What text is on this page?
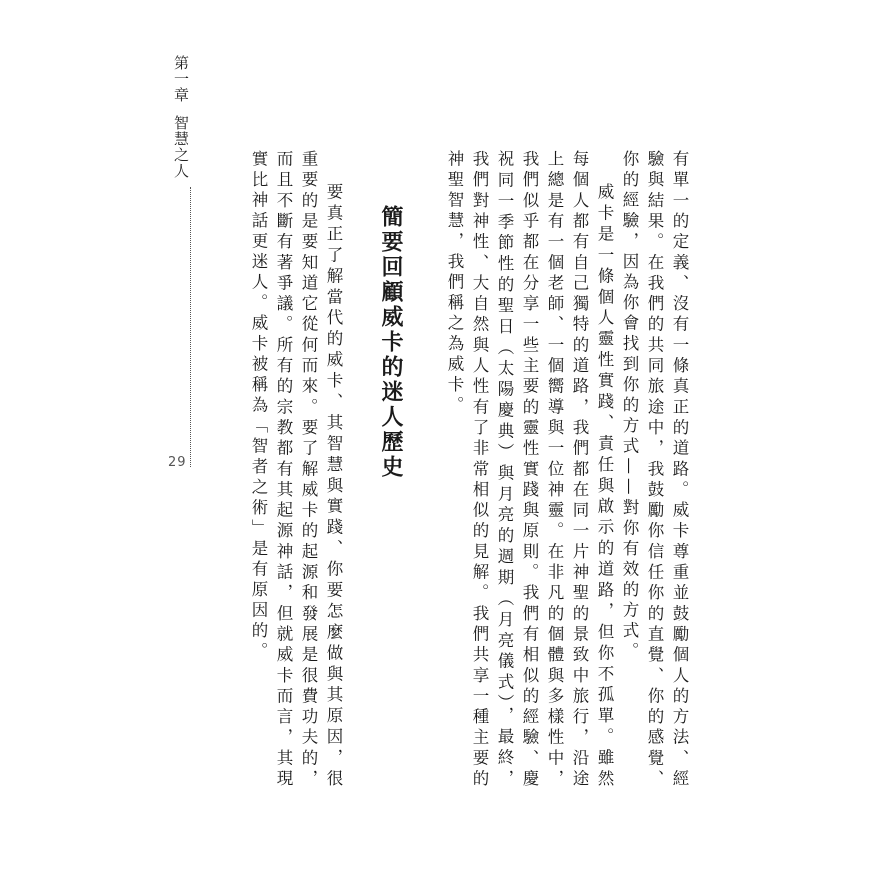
第一章智慧之人
29	有單一的定義、沒有一條真正的道路。威卡尊重並鼓勵個人的方法、經驗與結果。在我們的共同旅途中，我鼓勵你信任你的直覺、你的感覺、你的經驗，因為你會找到你的方式——對你有效的方式。

威卡是一條個人靈性實踐、責任與啟示的道路，但你不孤單。雖然每個人都有自己獨特的道路，我們都在同一片神聖的景致中旅行，沿途上總是有一個老師、一個嚮導與一位神靈。在非凡的個體與多樣性中，我們似乎都在分享一些主要的靈性實踐與原則。我們有相似的經驗、慶祝同一季節性的聖日（太陽慶典）與月亮的週期（月亮儀式），最終，我們對神性、大自然與人性有了非常相似的見解。我們共享一種主要的神聖智慧，我們稱之為威卡。

簡要回顧威卡的迷人歷史

要真正了解當代的威卡、其智慧與實踐、你要怎麼做與其原因，很重要的是要知道它從何而來。要了解威卡的起源和發展是很費功夫的，而且不斷有著爭議。所有的宗教都有其起源神話，但就威卡而言，其現實比神話更迷人。威卡被稱為「智者之術」是有原因的。
